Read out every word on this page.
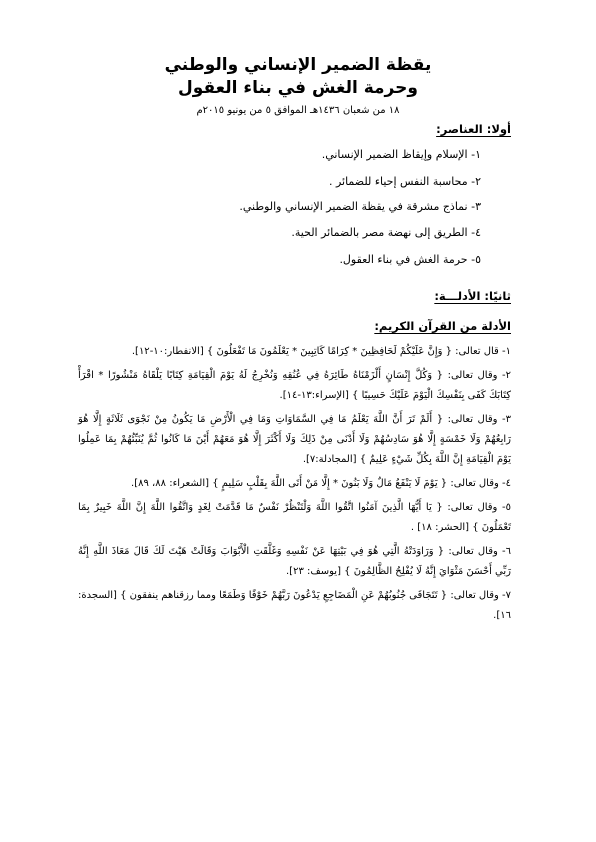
يقظة الضمير الإنساني والوطني
وحرمة الغش في بناء العقول
١٨ من شعبان ١٤٣٦هـ الموافق ٥ من يونيو ٢٠١٥م
أولا: العناصر:
١- الإسلام وإيقاظ الضمير الإنساني.
٢- محاسبة النفس إحياء للضمائر .
٣- نماذج مشرقة في يقظة الضمير الإنساني والوطني.
٤- الطريق إلى نهضة مصر بالضمائر الحية.
٥- حرمة الغش في بناء العقول.
ثانيًا: الأدلـــة:
الأدلة من القرآن الكريم:

١- قال تعالى: { وَإِنَّ عَلَيْكُمْ لَحَافِظِينَ * كِرَامًا كَاتِبِينَ * يَعْلَمُونَ مَا تَفْعَلُونَ } [الانفطار:١٠-١٢].

٢- وقال تعالى: { وَكُلَّ إِنْسَانٍ أَلْزَمْنَاهُ طَائِرَهُ فِي عُنُقِهِ وَنُخْرِجُ لَهُ يَوْمَ الْقِيَامَةِ كِتَابًا يَلْقَاهُ مَنْشُورًا * اقْرَأْ كِتَابَكَ كَفَى بِنَفْسِكَ الْيَوْمَ عَلَيْكَ حَسِيبًا } [الإسراء:١٣-١٤].

٣- وقال تعالى: { أَلَمْ تَرَ أَنَّ اللَّهَ يَعْلَمُ مَا فِي السَّمَاوَاتِ وَمَا فِي الْأَرْضِ مَا يَكُونُ مِنْ نَجْوَى ثَلَاثَةٍ إِلَّا هُوَ رَابِعُهُمْ وَلَا خَمْسَةٍ إِلَّا هُوَ سَادِسُهُمْ وَلَا أَدْنَى مِنْ ذَلِكَ وَلَا أَكْثَرَ إِلَّا هُوَ مَعَهُمْ أَيْنَ مَا كَانُوا ثُمَّ يُنَبِّئُهُمْ بِمَا عَمِلُوا يَوْمَ الْقِيَامَةِ إِنَّ اللَّهَ بِكُلِّ شَيْءٍ عَلِيمٌ } [المجادلة:٧].

٤- وقال تعالى: { يَوْمَ لَا يَنْفَعُ مَالٌ وَلَا بَنُونَ * إِلَّا مَنْ أَتَى اللَّهَ بِقَلْبٍ سَلِيمٍ } [الشعراء: ٨٨، ٨٩].

٥- وقال تعالى: { يَا أَيُّهَا الَّذِينَ آمَنُوا اتَّقُوا اللَّهَ وَلْتَنْظُرْ نَفْسٌ مَا قَدَّمَتْ لِغَدٍ وَاتَّقُوا اللَّهَ إِنَّ اللَّهَ خَبِيرٌ بِمَا تَعْمَلُونَ } [الحشر: ١٨] .

٦- وقال تعالى: { وَرَاوَدَتْهُ الَّتِي هُوَ فِي بَيْتِهَا عَنْ نَفْسِهِ وَغَلَّقَتِ الْأَبْوَابَ وَقَالَتْ هَيْتَ لَكَ قَالَ مَعَاذَ اللَّهِ إِنَّهُ رَبِّي أَحْسَنَ مَثْوَايَ إِنَّهُ لَا يُفْلِحُ الظَّالِمُونَ } [يوسف: ٢٣].

٧- وقال تعالى: { تَتَجَافَى جُنُوبُهُمْ عَنِ الْمَضَاجِعِ يَدْعُونَ رَبَّهُمْ خَوْفًا وَطَمَعًا ومما رزقناهم ينفقون } [السجدة: ١٦].
